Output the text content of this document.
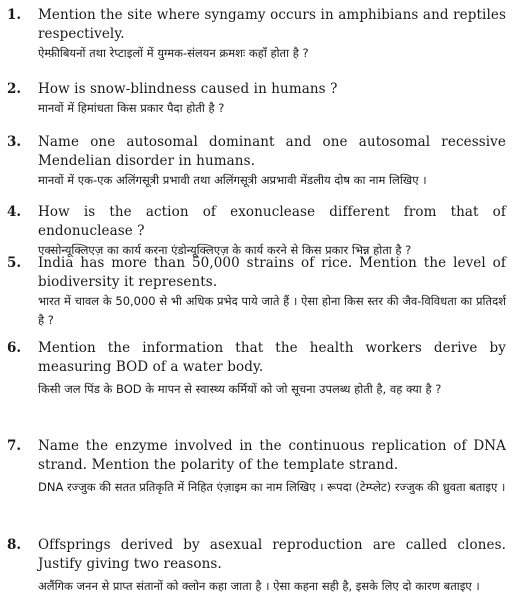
1. Mention the site where syngamy occurs in amphibians and reptiles respectively.

ऐम्फ़ीबियनों तथा रेप्टाइलों में युग्मक-संलयन क्रमशः कहाँ होता है ?

2. How is snow-blindness caused in humans ?

मानवों में हिमांधता किस प्रकार पैदा होती है ?

3. Name one autosomal dominant and one autosomal recessive Mendelian disorder in humans.

मानवों में एक-एक अलिंगसूत्री प्रभावी तथा अलिंगसूत्री अप्रभावी मेंडलीय दोष का नाम लिखिए ।

4. How is the action of exonuclease different from that of endonuclease ?

एक्सोन्यूक्लिएज़ का कार्य करना एंडोन्यूक्लिएज़ के कार्य करने से किस प्रकार भिन्न होता है ?

5. India has more than 50,000 strains of rice. Mention the level of biodiversity it represents.

भारत में चावल के 50,000 से भी अधिक प्रभेद पाये जाते हैं । ऐसा होना किस स्तर की जैव-विविधता का प्रतिदर्श है ?

6. Mention the information that the health workers derive by measuring BOD of a water body.

किसी जल पिंड के BOD के मापन से स्वास्थ्य कर्मियों को जो सूचना उपलब्ध होती है, वह क्या है ?

7. Name the enzyme involved in the continuous replication of DNA strand. Mention the polarity of the template strand.

DNA रज्जुक की सतत प्रतिकृति में निहित एंज़ाइम का नाम लिखिए । रूपदा (टेम्प्लेट) रज्जुक की ध्रुवता बताइए ।

8. Offsprings derived by asexual reproduction are called clones. Justify giving two reasons.

अलैंगिक जनन से प्राप्त संतानों को क्लोन कहा जाता है । ऐसा कहना सही है, इसके लिए दो कारण बताइए ।
